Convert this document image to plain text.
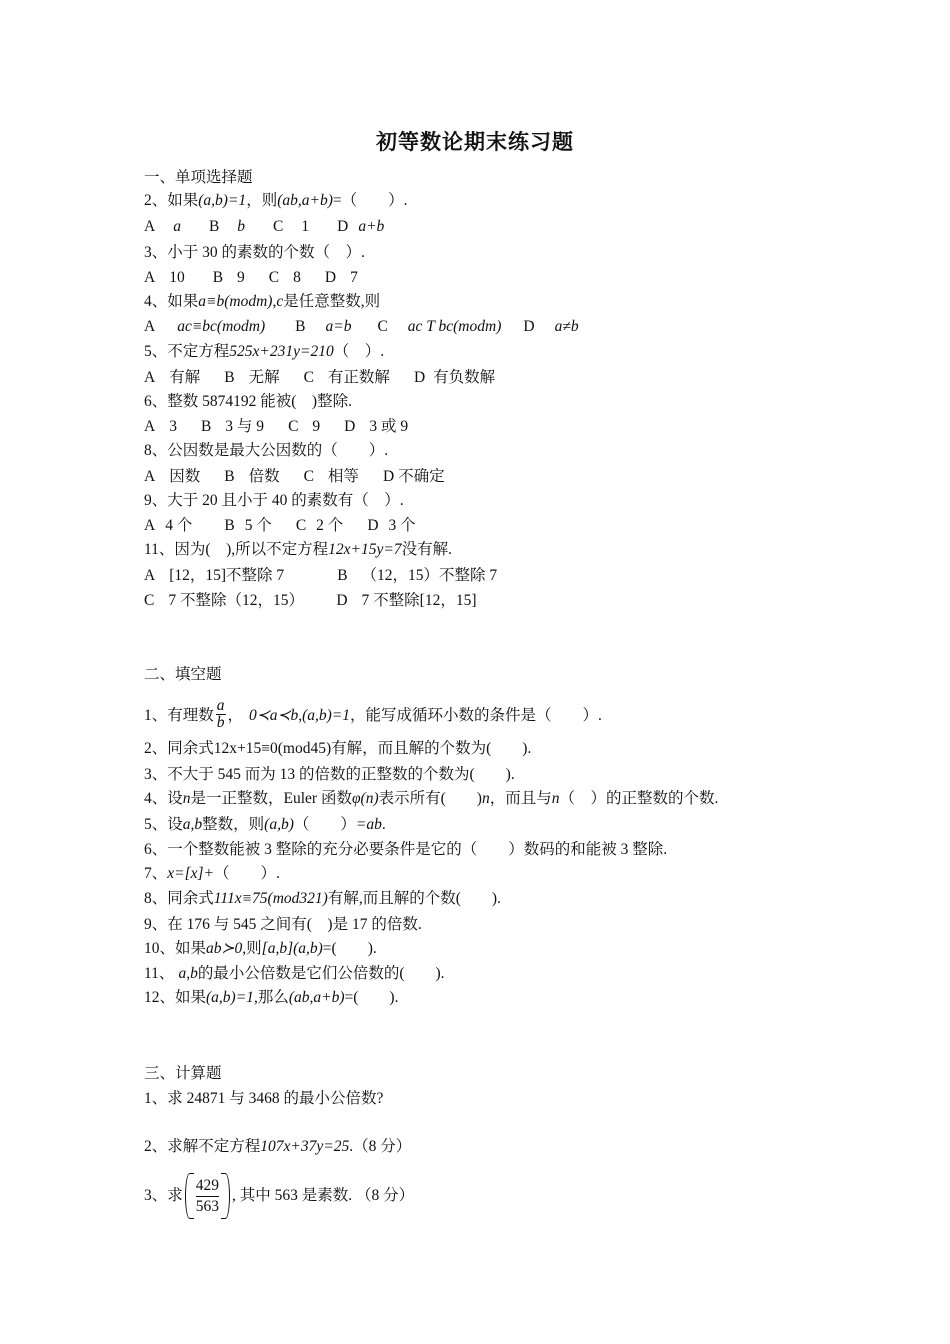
初等数论期末练习题
一、单项选择题
2、如果(a,b)=1，则(ab,a+b)=（　　）.
A a B b C 1 D a+b
3、小于 30 的素数的个数（　）.
A 10 B 9 C 8 D 7
4、如果a≡b(modm),c是任意整数,则
A ac≡bc(modm) B a=b C ac T bc(modm) D a≠b
5、不定方程525x+231y=210（　）.
A 有解 B 无解 C 有正数解 D 有负数解
6、整数 5874192 能被(　)整除.
A 3 B 3 与 9 C 9 D 3 或 9
8、公因数是最大公因数的（　　）.
A 因数 B 倍数 C 相等 D 不确定
9、大于 20 且小于 40 的素数有（　）.
A 4 个 B 5 个 C 2 个 D 3 个
11、因为(　),所以不定方程12x+15y=7没有解.
A [12，15]不整除 7	B （12，15）不整除 7
C 7 不整除（12，15） D 7 不整除[12，15]
二、填空题
1、有理数 $\frac{a}{b}$ ， 0≺a≺b,(a,b)=1，能写成循环小数的条件是（　　）.
2、同余式12x+15≡0(mod45)有解，而且解的个数为(　　).
3、不大于 545 而为 13 的倍数的正整数的个数为(　　).
4、设n是一正整数，Euler 函数φ(n)表示所有(　　)n，而且与n（　）的正整数的个数.
5、设a,b整数，则(a,b)（　　）=ab.
6、一个整数能被 3 整除的充分必要条件是它的（　　）数码的和能被 3 整除.
7、x=[x]+（　　）.
8、同余式111x≡75(mod321)有解,而且解的个数(　　).
9、在 176 与 545 之间有(　)是 17 的倍数.
10、如果ab≻0,则[a,b](a,b)=(　　).
11、 a,b的最小公倍数是它们公倍数的(　　).
12、如果(a,b)=1,那么(ab,a+b)=(　　).
三、计算题
1、求 24871 与 3468 的最小公倍数?
2、求解不定方程107x+37y=25.（8 分）
3、求 $\frac{429}{563}$ , 其中 563 是素数. （8 分）
